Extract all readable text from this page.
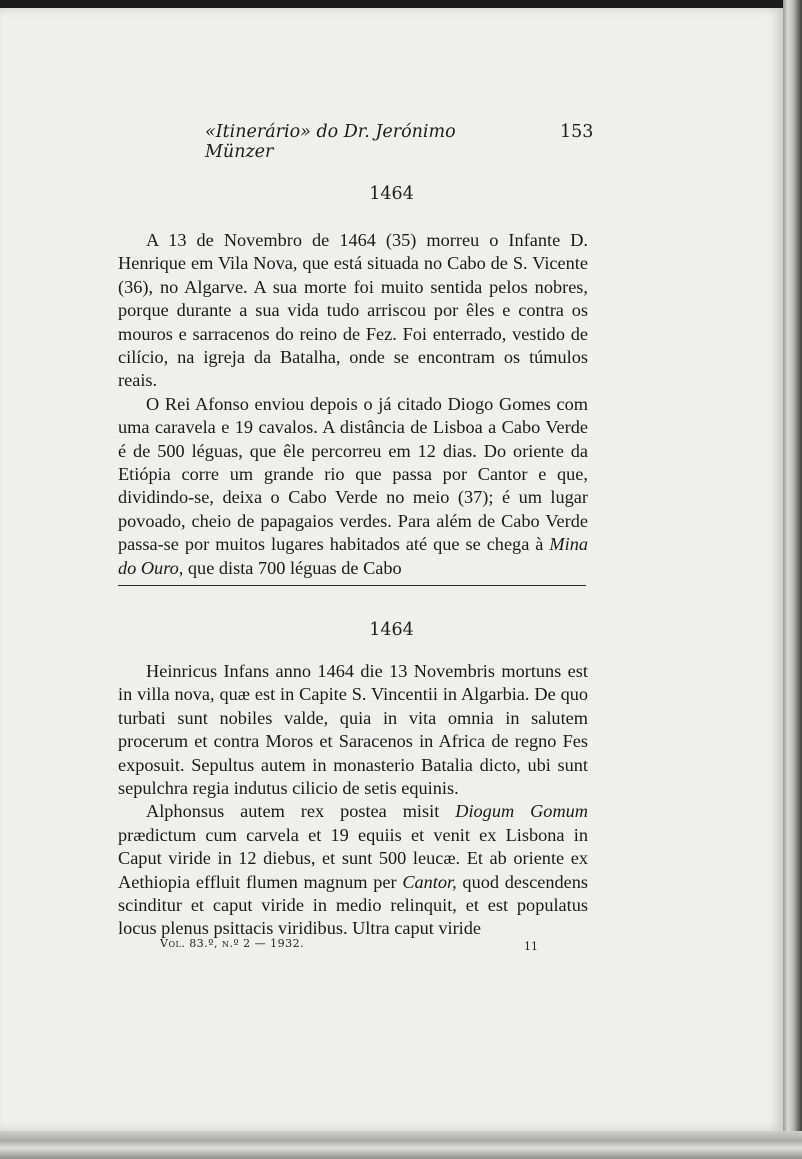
«Itinerário» do Dr. Jerónimo Münzer
153
1464

A 13 de Novembro de 1464 (35) morreu o Infante D. Henrique em Vila Nova, que está situada no Cabo de S. Vicente (36), no Algarve. A sua morte foi muito sentida pelos nobres, porque durante a sua vida tudo arriscou por êles e contra os mouros e sarracenos do reino de Fez. Foi enterrado, vestido de cilício, na igreja da Batalha, onde se encontram os túmulos reais.

O Rei Afonso enviou depois o já citado Diogo Gomes com uma caravela e 19 cavalos. A distância de Lisboa a Cabo Verde é de 500 léguas, que êle percorreu em 12 dias. Do oriente da Etiópia corre um grande rio que passa por Cantor e que, dividindo-se, deixa o Cabo Verde no meio (37); é um lugar povoado, cheio de papagaios verdes. Para além de Cabo Verde passa-se por muitos lugares habitados até que se chega à Mina do Ouro, que dista 700 léguas de Cabo

1464

Heinricus Infans anno 1464 die 13 Novembris mortuns est in villa nova, quæ est in Capite S. Vincentii in Algarbia. De quo turbati sunt nobiles valde, quia in vita omnia in salutem procerum et contra Moros et Saracenos in Africa de regno Fes exposuit. Sepultus autem in monasterio Batalia dicto, ubi sunt sepulchra regia indutus cilicio de setis equinis.

Alphonsus autem rex postea misit Diogum Gomum prædictum cum carvela et 19 equiis et venit ex Lisbona in Caput viride in 12 diebus, et sunt 500 leucæ. Et ab oriente ex Aethiopia effluit flumen magnum per Cantor, quod descendens scinditur et caput viride in medio relinquit, et est populatus locus plenus psittacis viridibus. Ultra caput viride

Vol. 83.º, n.º 2 — 1932.	11
